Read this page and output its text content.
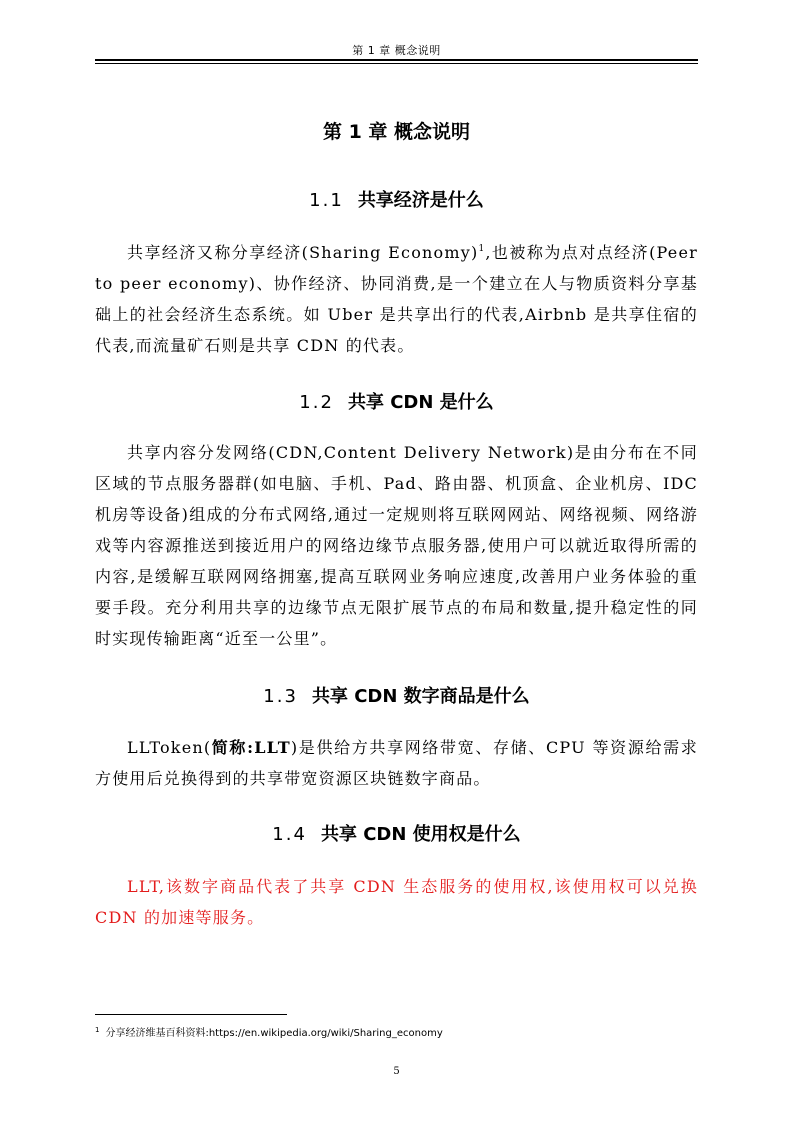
第 1 章 概念说明
第 1 章 概念说明
1.1 共享经济是什么
共享经济又称分享经济(Sharing Economy)$^1$,也被称为点对点经济(Peer to peer economy)、协作经济、协同消费,是一个建立在人与物质资料分享基础上的社会经济生态系统。如 Uber 是共享出行的代表,Airbnb 是共享住宿的代表,而流量矿石则是共享 CDN 的代表。
1.2 共享 CDN 是什么
共享内容分发网络(CDN,Content Delivery Network)是由分布在不同区域的节点服务器群(如电脑、手机、Pad、路由器、机顶盒、企业机房、IDC 机房等设备)组成的分布式网络,通过一定规则将互联网网站、网络视频、网络游戏等内容源推送到接近用户的网络边缘节点服务器,使用户可以就近取得所需的内容,是缓解互联网网络拥塞,提高互联网业务响应速度,改善用户业务体验的重要手段。充分利用共享的边缘节点无限扩展节点的布局和数量,提升稳定性的同时实现传输距离“近至一公里”。
1.3 共享 CDN 数字商品是什么
LLToken(简称:LLT)是供给方共享网络带宽、存储、CPU 等资源给需求方使用后兑换得到的共享带宽资源区块链数字商品。
1.4 共享 CDN 使用权是什么
LLT,该数字商品代表了共享 CDN 生态服务的使用权,该使用权可以兑换 CDN 的加速等服务。
$^1$ 分享经济维基百科资料:https://en.wikipedia.org/wiki/Sharing_economy
5
